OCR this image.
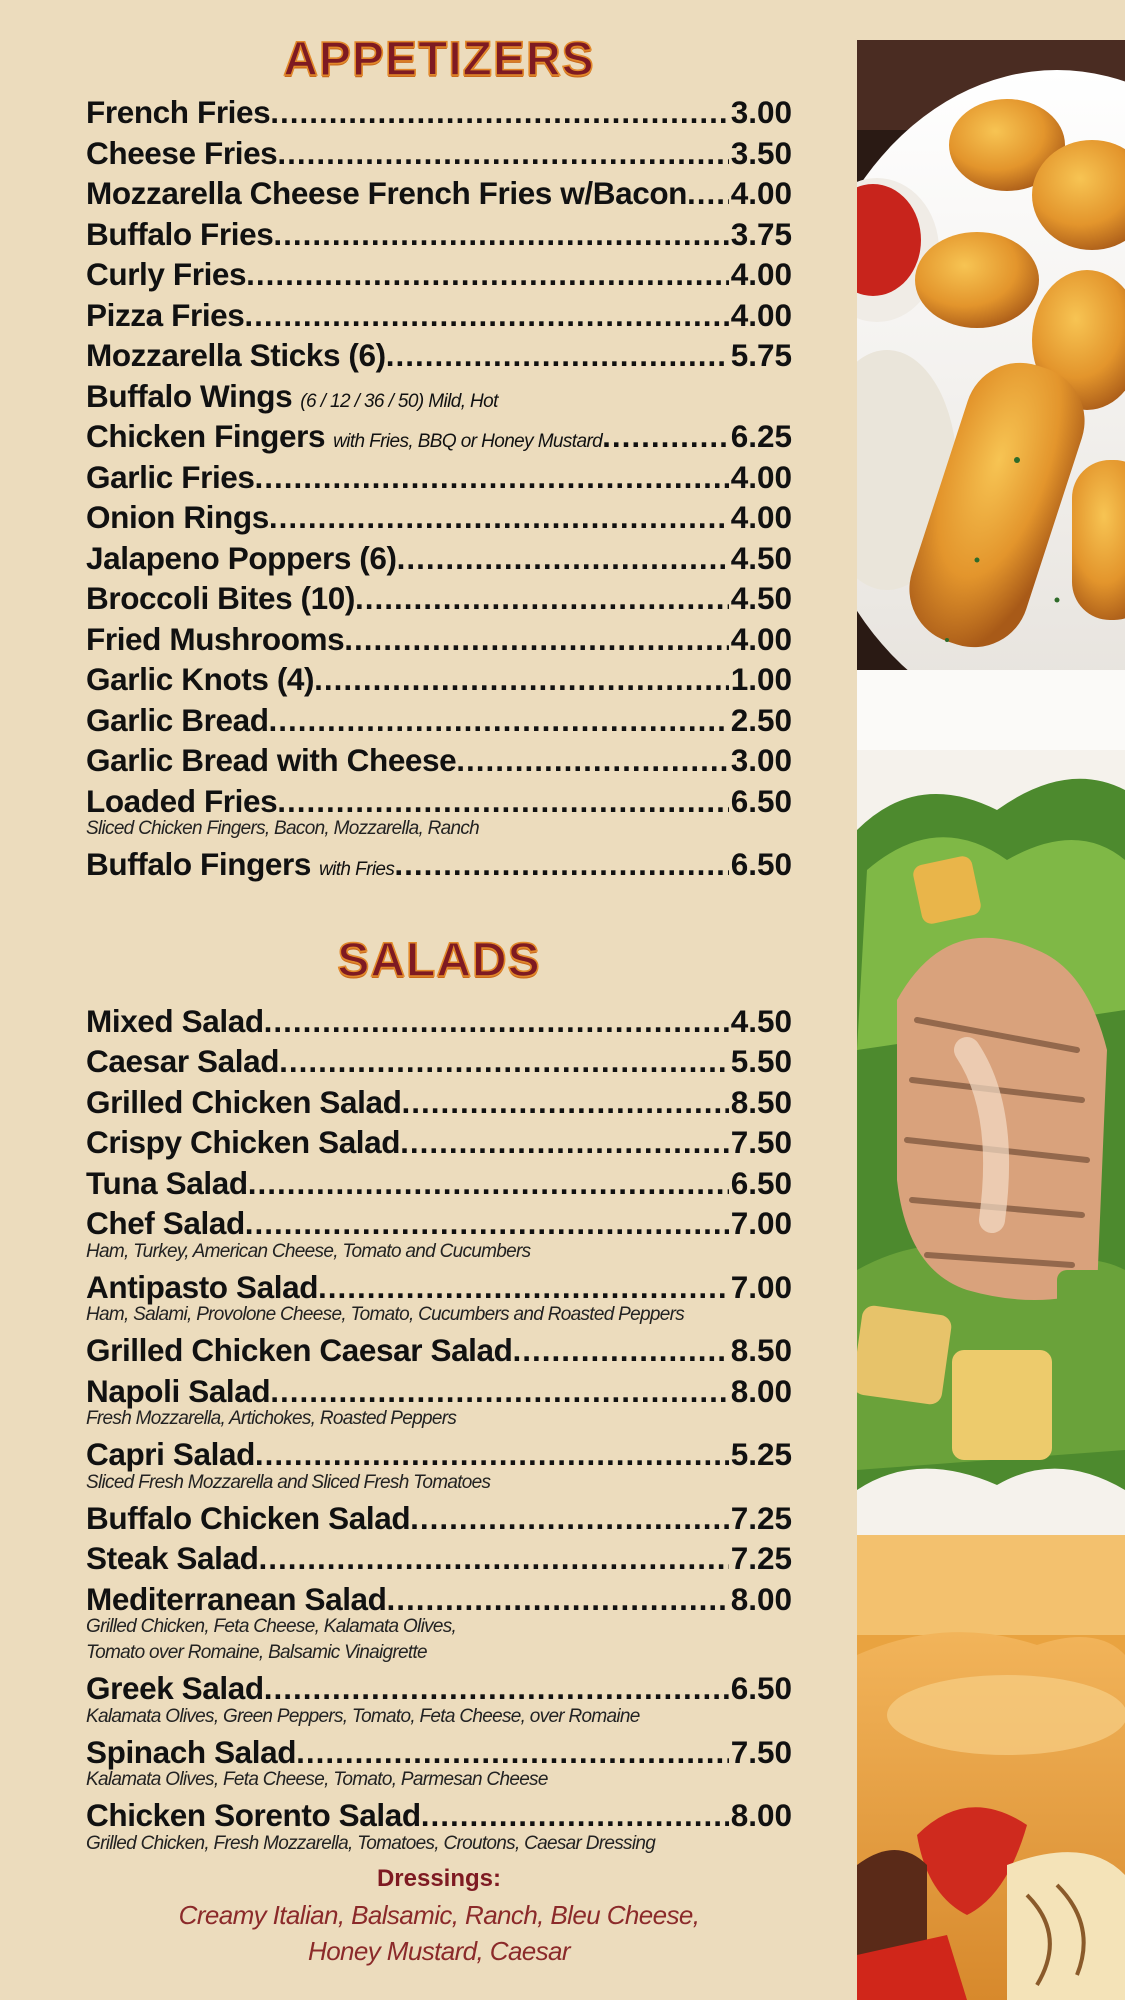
APPETIZERS
French Fries .....	3.00
Cheese Fries .....	3.50
Mozzarella Cheese French Fries w/Bacon ..... 4.00
Buffalo Fries .....	3.75
Curly Fries .....	4.00
Pizza Fries .....	4.00
Mozzarella Sticks (6) .....	5.75
Buffalo Wings (6 / 12 / 36 / 50) Mild, Hot
Chicken Fingers with Fries, BBQ or Honey Mustard .....	6.25
Garlic Fries .....	4.00
Onion Rings .....	4.00
Jalapeno Poppers (6) .....	4.50
Broccoli Bites (10) .....	4.50
Fried Mushrooms .....	4.00
Garlic Knots (4) .....	1.00
Garlic Bread .....	2.50
Garlic Bread with Cheese .....	3.00
Loaded Fries .....	6.50
Sliced Chicken Fingers, Bacon, Mozzarella, Ranch
Buffalo Fingers with Fries .....	6.50
SALADS
Mixed Salad .....	4.50
Caesar Salad .....	5.50
Grilled Chicken Salad .....	8.50
Crispy Chicken Salad .....	7.50
Tuna Salad .....	6.50
Chef Salad .....	7.00
Ham, Turkey, American Cheese, Tomato and Cucumbers
Antipasto Salad .....	7.00
Ham, Salami, Provolone Cheese, Tomato, Cucumbers and Roasted Peppers
Grilled Chicken Caesar Salad .....	8.50
Napoli Salad .....	8.00
Fresh Mozzarella, Artichokes, Roasted Peppers
Capri Salad .....	5.25
Sliced Fresh Mozzarella and Sliced Fresh Tomatoes
Buffalo Chicken Salad .....	7.25
Steak Salad .....	7.25
Mediterranean Salad .....	8.00
Grilled Chicken, Feta Cheese, Kalamata Olives,
Tomato over Romaine, Balsamic Vinaigrette
Greek Salad .....	6.50
Kalamata Olives, Green Peppers, Tomato, Feta Cheese, over Romaine
Spinach Salad .....	7.50
Kalamata Olives, Feta Cheese, Tomato, Parmesan Cheese
Chicken Sorento Salad .....	8.00
Grilled Chicken, Fresh Mozzarella, Tomatoes, Croutons, Caesar Dressing
Dressings:
Creamy Italian, Balsamic, Ranch, Bleu Cheese,
Honey Mustard, Caesar
